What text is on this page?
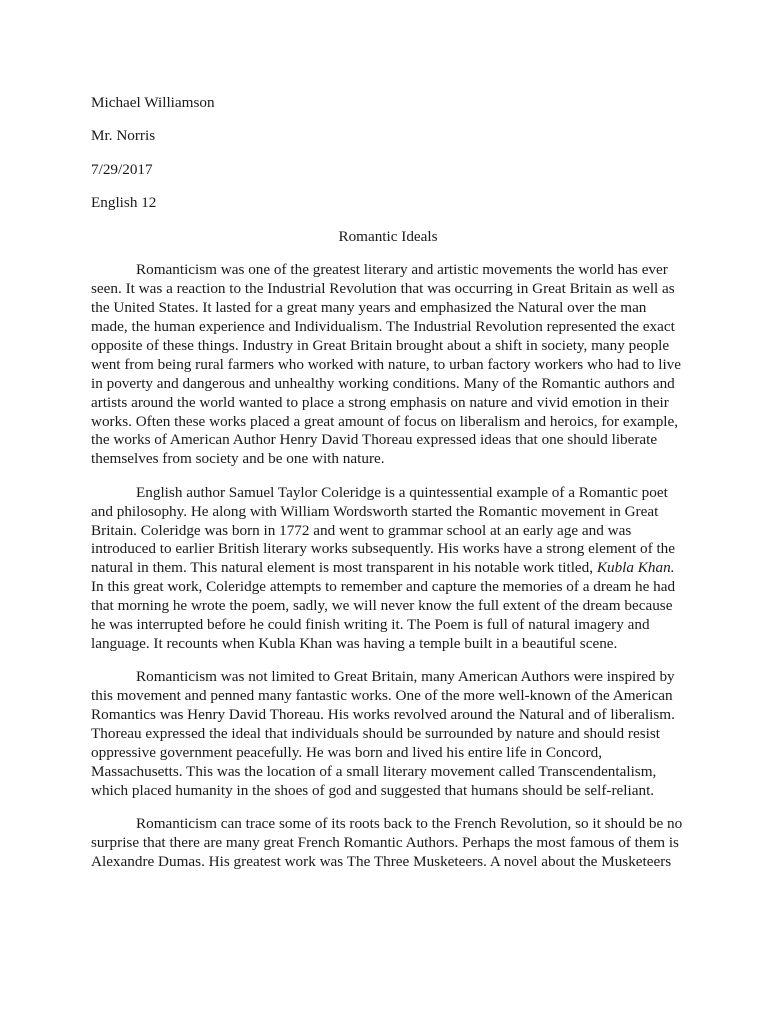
Michael Williamson
Mr. Norris
7/29/2017
English 12
Romantic Ideals
Romanticism was one of the greatest literary and artistic movements the world has ever
seen. It was a reaction to the Industrial Revolution that was occurring in Great Britain as well as
the United States. It lasted for a great many years and emphasized the Natural over the man
made, the human experience and Individualism. The Industrial Revolution represented the exact
opposite of these things. Industry in Great Britain brought about a shift in society, many people
went from being rural farmers who worked with nature, to urban factory workers who had to live
in poverty and dangerous and unhealthy working conditions. Many of the Romantic authors and
artists around the world wanted to place a strong emphasis on nature and vivid emotion in their
works. Often these works placed a great amount of focus on liberalism and heroics, for example,
the works of American Author Henry David Thoreau expressed ideas that one should liberate
themselves from society and be one with nature.
English author Samuel Taylor Coleridge is a quintessential example of a Romantic poet
and philosophy. He along with William Wordsworth started the Romantic movement in Great
Britain. Coleridge was born in 1772 and went to grammar school at an early age and was
introduced to earlier British literary works subsequently. His works have a strong element of the
natural in them. This natural element is most transparent in his notable work titled, Kubla Khan.
In this great work, Coleridge attempts to remember and capture the memories of a dream he had
that morning he wrote the poem, sadly, we will never know the full extent of the dream because
he was interrupted before he could finish writing it. The Poem is full of natural imagery and
language. It recounts when Kubla Khan was having a temple built in a beautiful scene.
Romanticism was not limited to Great Britain, many American Authors were inspired by
this movement and penned many fantastic works. One of the more well-known of the American
Romantics was Henry David Thoreau. His works revolved around the Natural and of liberalism.
Thoreau expressed the ideal that individuals should be surrounded by nature and should resist
oppressive government peacefully. He was born and lived his entire life in Concord,
Massachusetts. This was the location of a small literary movement called Transcendentalism,
which placed humanity in the shoes of god and suggested that humans should be self-reliant.
Romanticism can trace some of its roots back to the French Revolution, so it should be no
surprise that there are many great French Romantic Authors. Perhaps the most famous of them is
Alexandre Dumas. His greatest work was The Three Musketeers. A novel about the Musketeers
